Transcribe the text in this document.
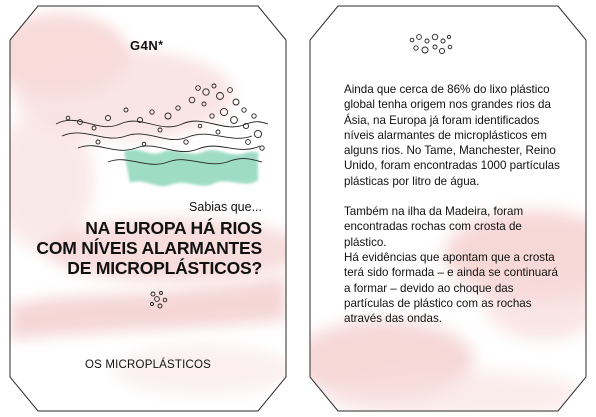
G4N*
Sabias que...
NA EUROPA HÁ RIOS
COM NÍVEIS ALARMANTES
DE MICROPLÁSTICOS?
OS MICROPLÁSTICOS

Ainda que cerca de 86% do lixo plástico global tenha origem nos grandes rios da Ásia, na Europa já foram identificados níveis alarmantes de microplásticos em alguns rios. No Tame, Manchester, Reino Unido, foram encontradas 1000 partículas plásticas por litro de água.

Também na ilha da Madeira, foram encontradas rochas com crosta de plástico.

Há evidências que apontam que a crosta terá sido formada – e ainda se continuará a formar – devido ao choque das partículas de plástico com as rochas através das ondas.
